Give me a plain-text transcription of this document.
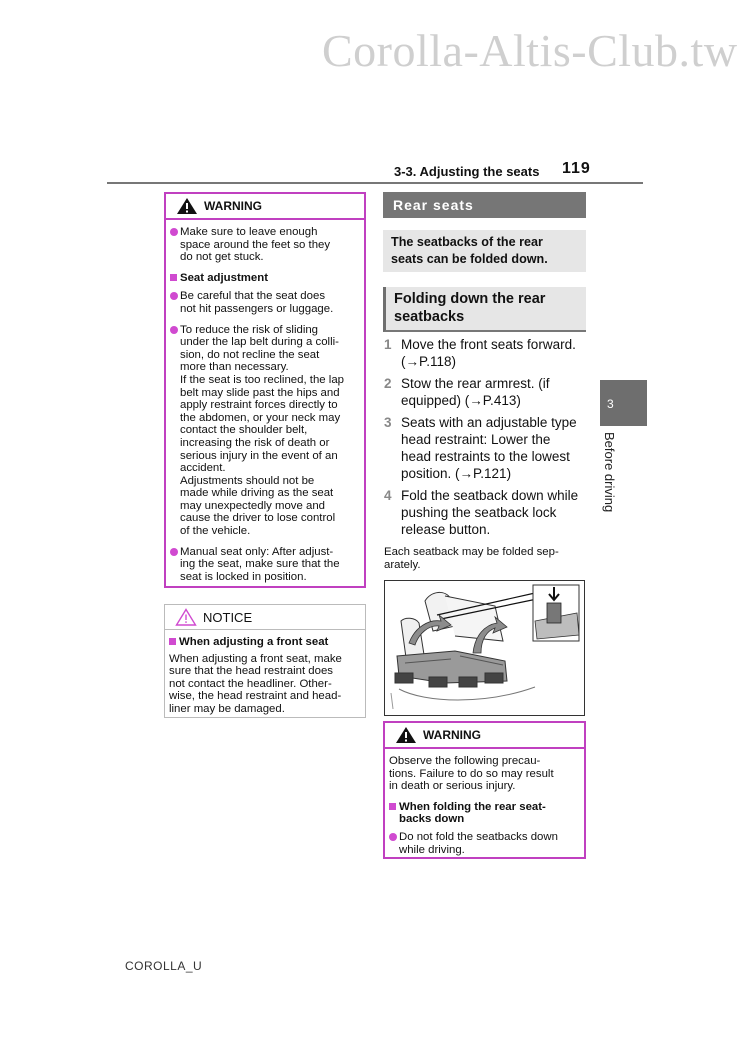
Corolla-Altis-Club.tw
3-3. Adjusting the seats 119
3
Before driving
WARNING
Make sure to leave enough
space around the feet so they
do not get stuck.
Seat adjustment
Be careful that the seat does
not hit passengers or luggage.
To reduce the risk of sliding
under the lap belt during a colli-
sion, do not recline the seat
more than necessary.
If the seat is too reclined, the lap
belt may slide past the hips and
apply restraint forces directly to
the abdomen, or your neck may
contact the shoulder belt,
increasing the risk of death or
serious injury in the event of an
accident.
Adjustments should not be
made while driving as the seat
may unexpectedly move and
cause the driver to lose control
of the vehicle.
Manual seat only: After adjust-
ing the seat, make sure that the
seat is locked in position.
NOTICE
When adjusting a front seat
When adjusting a front seat, make
sure that the head restraint does
not contact the headliner. Other-
wise, the head restraint and head-
liner may be damaged.
Rear seats
The seatbacks of the rear
seats can be folded down.
Folding down the rear
seatbacks
1 Move the front seats forward.
(→P.118)
2 Stow the rear armrest. (if
equipped) (→P.413)
3 Seats with an adjustable type
head restraint: Lower the
head restraints to the lowest
position. (→P.121)
4 Fold the seatback down while
pushing the seatback lock
release button.
Each seatback may be folded sep-
arately.
WARNING
Observe the following precau-
tions. Failure to do so may result
in death or serious injury.
When folding the rear seat-
backs down
Do not fold the seatbacks down
while driving.
COROLLA_U
